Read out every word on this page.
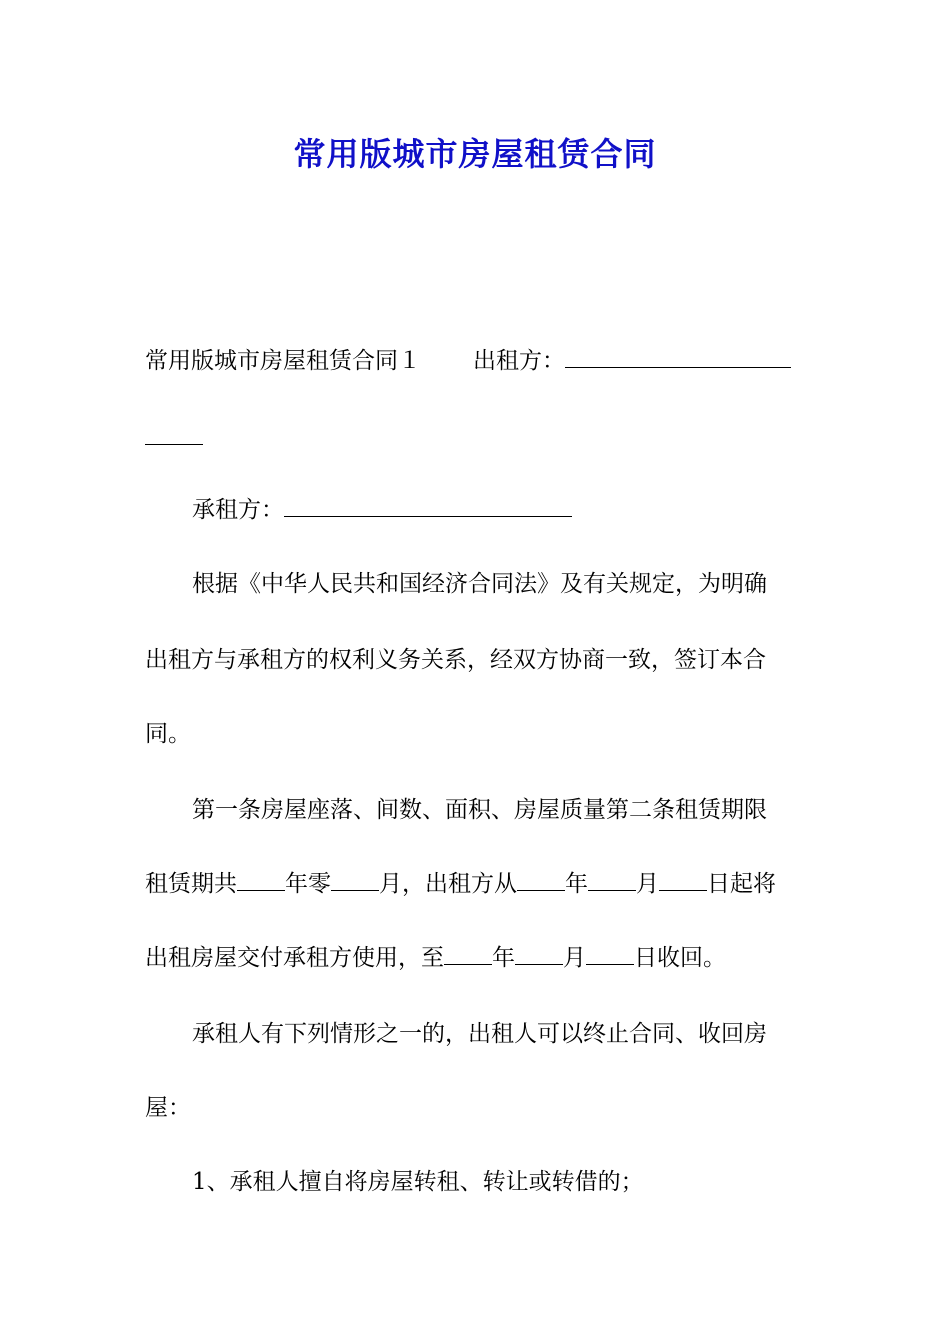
常用版城市房屋租赁合同
常用版城市房屋租赁合同１ 出租方：
承租方：
根据《中华人民共和国经济合同法》及有关规定，为明确
出租方与承租方的权利义务关系，经双方协商一致，签订本合
同。
第一条房屋座落、间数、面积、房屋质量第二条租赁期限
租赁期共 年零 月，出租方从 年 月 日起将
出租房屋交付承租方使用，至 年 月 日收回。
承租人有下列情形之一的，出租人可以终止合同、收回房
屋：
1、承租人擅自将房屋转租、转让或转借的；
